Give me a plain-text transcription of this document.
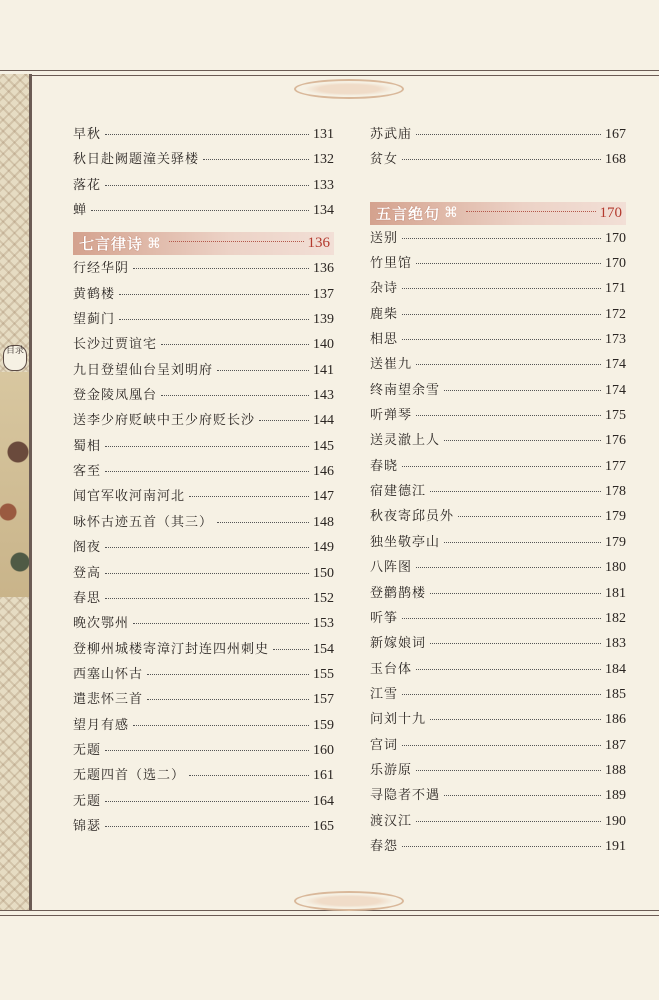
目录
早秋	131
秋日赴阙题潼关驿楼	132
落花	133
蝉	134
七言律诗 ⌘	136
行经华阴	136
黄鹤楼	137
望蓟门	139
长沙过贾谊宅	140
九日登望仙台呈刘明府	141
登金陵凤凰台	143
送李少府贬峡中王少府贬长沙	144
蜀相	145
客至	146
闻官军收河南河北	147
咏怀古迹五首（其三）	148
阁夜	149
登高	150
春思	152
晚次鄂州	153
登柳州城楼寄漳汀封连四州刺史	154
西塞山怀古	155
遣悲怀三首	157
望月有感	159
无题	160
无题四首（选二）	161
无题	164
锦瑟	165
苏武庙	167
贫女	168
五言绝句 ⌘	170
送别	170
竹里馆	170
杂诗	171
鹿柴	172
相思	173
送崔九	174
终南望余雪	174
听弹琴	175
送灵澈上人	176
春晓	177
宿建德江	178
秋夜寄邱员外	179
独坐敬亭山	179
八阵图	180
登鹳鹊楼	181
听筝	182
新嫁娘词	183
玉台体	184
江雪	185
问刘十九	186
宫词	187
乐游原	188
寻隐者不遇	189
渡汉江	190
春怨	191
